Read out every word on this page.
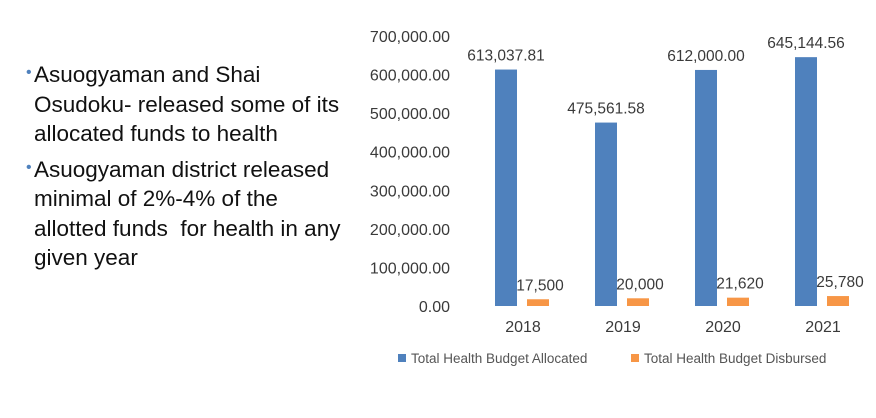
• Asuogyaman and Shai Osudoku- released some of its allocated funds to health
• Asuogyaman district released minimal of 2%-4% of the allotted funds  for health in any given year
0.00
100,000.00
200,000.00
300,000.00
400,000.00
500,000.00
600,000.00
700,000.00
613,037.81
17,500
475,561.58
20,000
612,000.00
21,620
645,144.56
25,780
2018	2019	2020	2021
Total Health Budget Allocated	Total Health Budget Disbursed
